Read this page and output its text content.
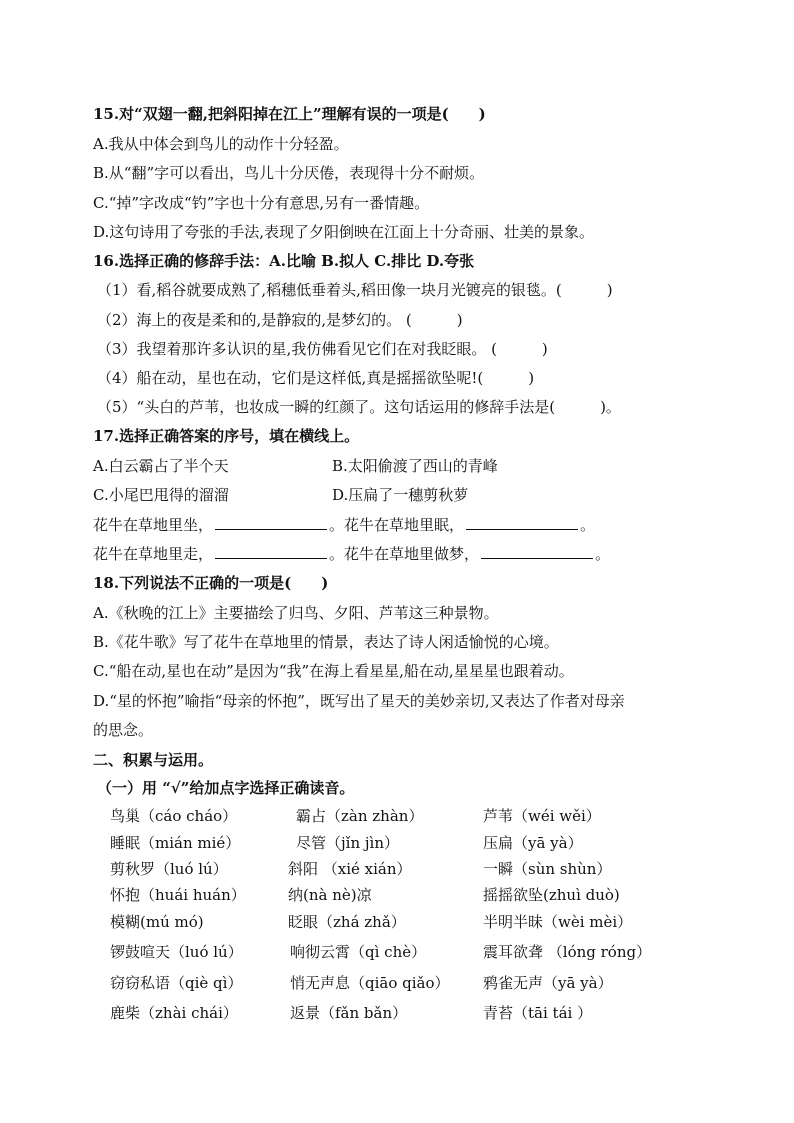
15.对“双翅一翻,把斜阳掉在江上”理解有误的一项是(　　)
A.我从中体会到鸟儿的动作十分轻盈。
B.从“翻”字可以看出，鸟儿十分厌倦，表现得十分不耐烦。
C.“掉”字改成“钓”字也十分有意思,另有一番情趣。
D.这句诗用了夸张的手法,表现了夕阳倒映在江面上十分奇丽、壮美的景象。
16.选择正确的修辞手法：A.比喻 B.拟人 C.排比 D.夸张
（1）看,稻谷就要成熟了,稻穗低垂着头,稻田像一块月光镀亮的银毯。(　　　)
（2）海上的夜是柔和的,是静寂的,是梦幻的。 (　　　)
（3）我望着那许多认识的星,我仿佛看见它们在对我眨眼。 (　　　)
（4）船在动，星也在动，它们是这样低,真是摇摇欲坠呢!(　　　)
（5）“头白的芦苇，也妆成一瞬的红颜了。这句话运用的修辞手法是(　　　)。
17.选择正确答案的序号，填在横线上。
A.白云霸占了半个天	B.太阳偷渡了西山的青峰
C.小尾巴甩得的溜溜	D.压扁了一穗剪秋萝
花牛在草地里坐，	。花牛在草地里眠，	。
花牛在草地里走，	。花牛在草地里做梦，	。
18.下列说法不正确的一项是(　　)
A.《秋晚的江上》主要描绘了归鸟、夕阳、芦苇这三种景物。
B.《花牛歌》写了花牛在草地里的情景，表达了诗人闲适愉悦的心境。
C.“船在动,星也在动”是因为“我”在海上看星星,船在动,星星星也跟着动。
D.“星的怀抱”喻指“母亲的怀抱”，既写出了星天的美妙亲切,又表达了作者对母亲
的思念。
二、积累与运用。
（一）用 “√”给加点字选择正确读音。
鸟巢（cáo cháo）	霸占（zàn zhàn）	芦苇（wéi wěi）
睡眠（mián mié）	尽管（jǐn jìn）	压扁（yā yà）
剪秋罗（luó lú）	斜阳 （xié xián）	一瞬（sùn shùn）
怀抱（huái huán）	纳(nà nè)凉	摇摇欲坠(zhuì duò)
模糊(mú mó)	眨眼（zhá zhǎ）	半明半昧（wèi mèi）
锣鼓喧天（luó lú）	响彻云霄（qì chè）	震耳欲聋 （lóng róng）
窃窃私语（qiè qì）	悄无声息（qiāo qiǎo） 鸦雀无声（yā yà）
鹿柴（zhài chái）	返景（fǎn bǎn）	青苔（tāi tái ）
